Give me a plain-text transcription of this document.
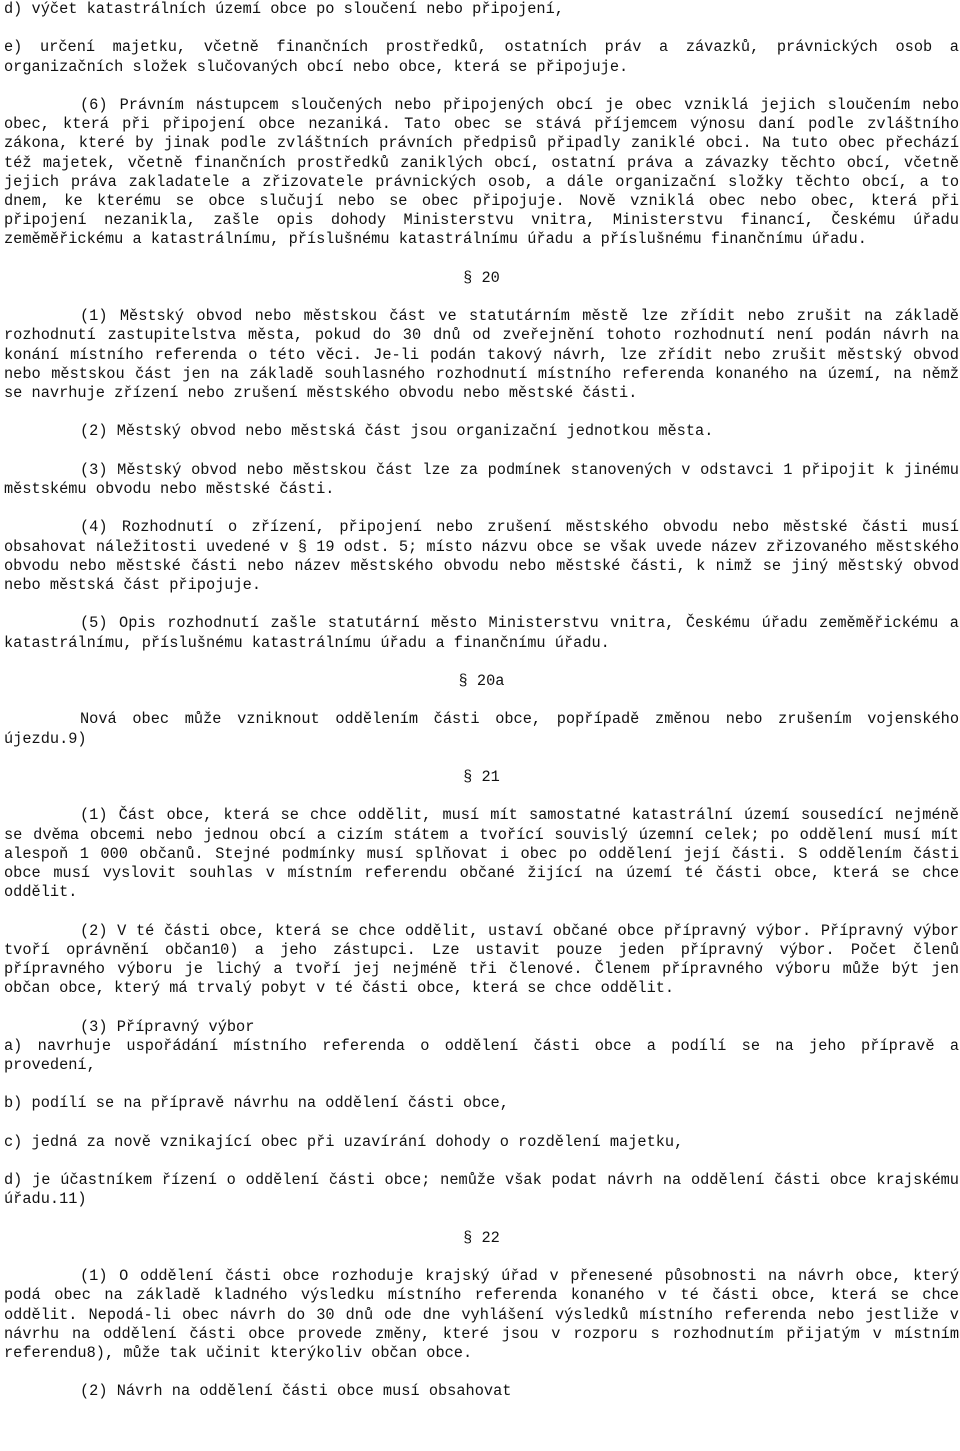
d) výčet katastrálních území obce po sloučení nebo připojení,

e) určení majetku, včetně finančních prostředků, ostatních práv a závazků, právnických osob a organizačních složek slučovaných obcí nebo obce, která se připojuje.

(6) Právním nástupcem sloučených nebo připojených obcí je obec vzniklá jejich sloučením nebo obec, která při připojení obce nezaniká. Tato obec se stává příjemcem výnosu daní podle zvláštního zákona, které by jinak podle zvláštních právních předpisů připadly zaniklé obci. Na tuto obec přechází též majetek, včetně finančních prostředků zaniklých obcí, ostatní práva a závazky těchto obcí, včetně jejich práva zakladatele a zřizovatele právnických osob, a dále organizační složky těchto obcí, a to dnem, ke kterému se obce slučují nebo se obec připojuje. Nově vzniklá obec nebo obec, která při připojení nezanikla, zašle opis dohody Ministerstvu vnitra, Ministerstvu financí, Českému úřadu zeměměřickému a katastrálnímu, příslušnému katastrálnímu úřadu a příslušnému finančnímu úřadu.

§ 20

(1) Městský obvod nebo městskou část ve statutárním městě lze zřídit nebo zrušit na základě rozhodnutí zastupitelstva města, pokud do 30 dnů od zveřejnění tohoto rozhodnutí není podán návrh na konání místního referenda o této věci. Je-li podán takový návrh, lze zřídit nebo zrušit městský obvod nebo městskou část jen na základě souhlasného rozhodnutí místního referenda konaného na území, na němž se navrhuje zřízení nebo zrušení městského obvodu nebo městské části.

(2) Městský obvod nebo městská část jsou organizační jednotkou města.

(3) Městský obvod nebo městskou část lze za podmínek stanovených v odstavci 1 připojit k jinému městskému obvodu nebo městské části.

(4) Rozhodnutí o zřízení, připojení nebo zrušení městského obvodu nebo městské části musí obsahovat náležitosti uvedené v § 19 odst. 5; místo názvu obce se však uvede název zřizovaného městského obvodu nebo městské části nebo název městského obvodu nebo městské části, k nimž se jiný městský obvod nebo městská část připojuje.

(5) Opis rozhodnutí zašle statutární město Ministerstvu vnitra, Českému úřadu zeměměřickému a katastrálnímu, příslušnému katastrálnímu úřadu a finančnímu úřadu.

§ 20a

Nová obec může vzniknout oddělením části obce, popřípadě změnou nebo zrušením vojenského újezdu.9)

§ 21

(1) Část obce, která se chce oddělit, musí mít samostatné katastrální území sousedící nejméně se dvěma obcemi nebo jednou obcí a cizím státem a tvořící souvislý územní celek; po oddělení musí mít alespoň 1 000 občanů. Stejné podmínky musí splňovat i obec po oddělení její části. S oddělením části obce musí vyslovit souhlas v místním referendu občané žijící na území té části obce, která se chce oddělit.

(2) V té části obce, která se chce oddělit, ustaví občané obce přípravný výbor. Přípravný výbor tvoří oprávnění občan10) a jeho zástupci. Lze ustavit pouze jeden přípravný výbor. Počet členů přípravného výboru je lichý a tvoří jej nejméně tři členové. Členem přípravného výboru může být jen občan obce, který má trvalý pobyt v té části obce, která se chce oddělit.

(3) Přípravný výbor

a) navrhuje uspořádání místního referenda o oddělení části obce a podílí se na jeho přípravě a provedení,

b) podílí se na přípravě návrhu na oddělení části obce,

c) jedná za nově vznikající obec při uzavírání dohody o rozdělení majetku,

d) je účastníkem řízení o oddělení části obce; nemůže však podat návrh na oddělení části obce krajskému úřadu.11)

§ 22

(1) O oddělení části obce rozhoduje krajský úřad v přenesené působnosti na návrh obce, který podá obec na základě kladného výsledku místního referenda konaného v té části obce, která se chce oddělit. Nepodá-li obec návrh do 30 dnů ode dne vyhlášení výsledků místního referenda nebo jestliže v návrhu na oddělení části obce provede změny, které jsou v rozporu s rozhodnutím přijatým v místním referendu8), může tak učinit kterýkoliv občan obce.

(2) Návrh na oddělení části obce musí obsahovat
